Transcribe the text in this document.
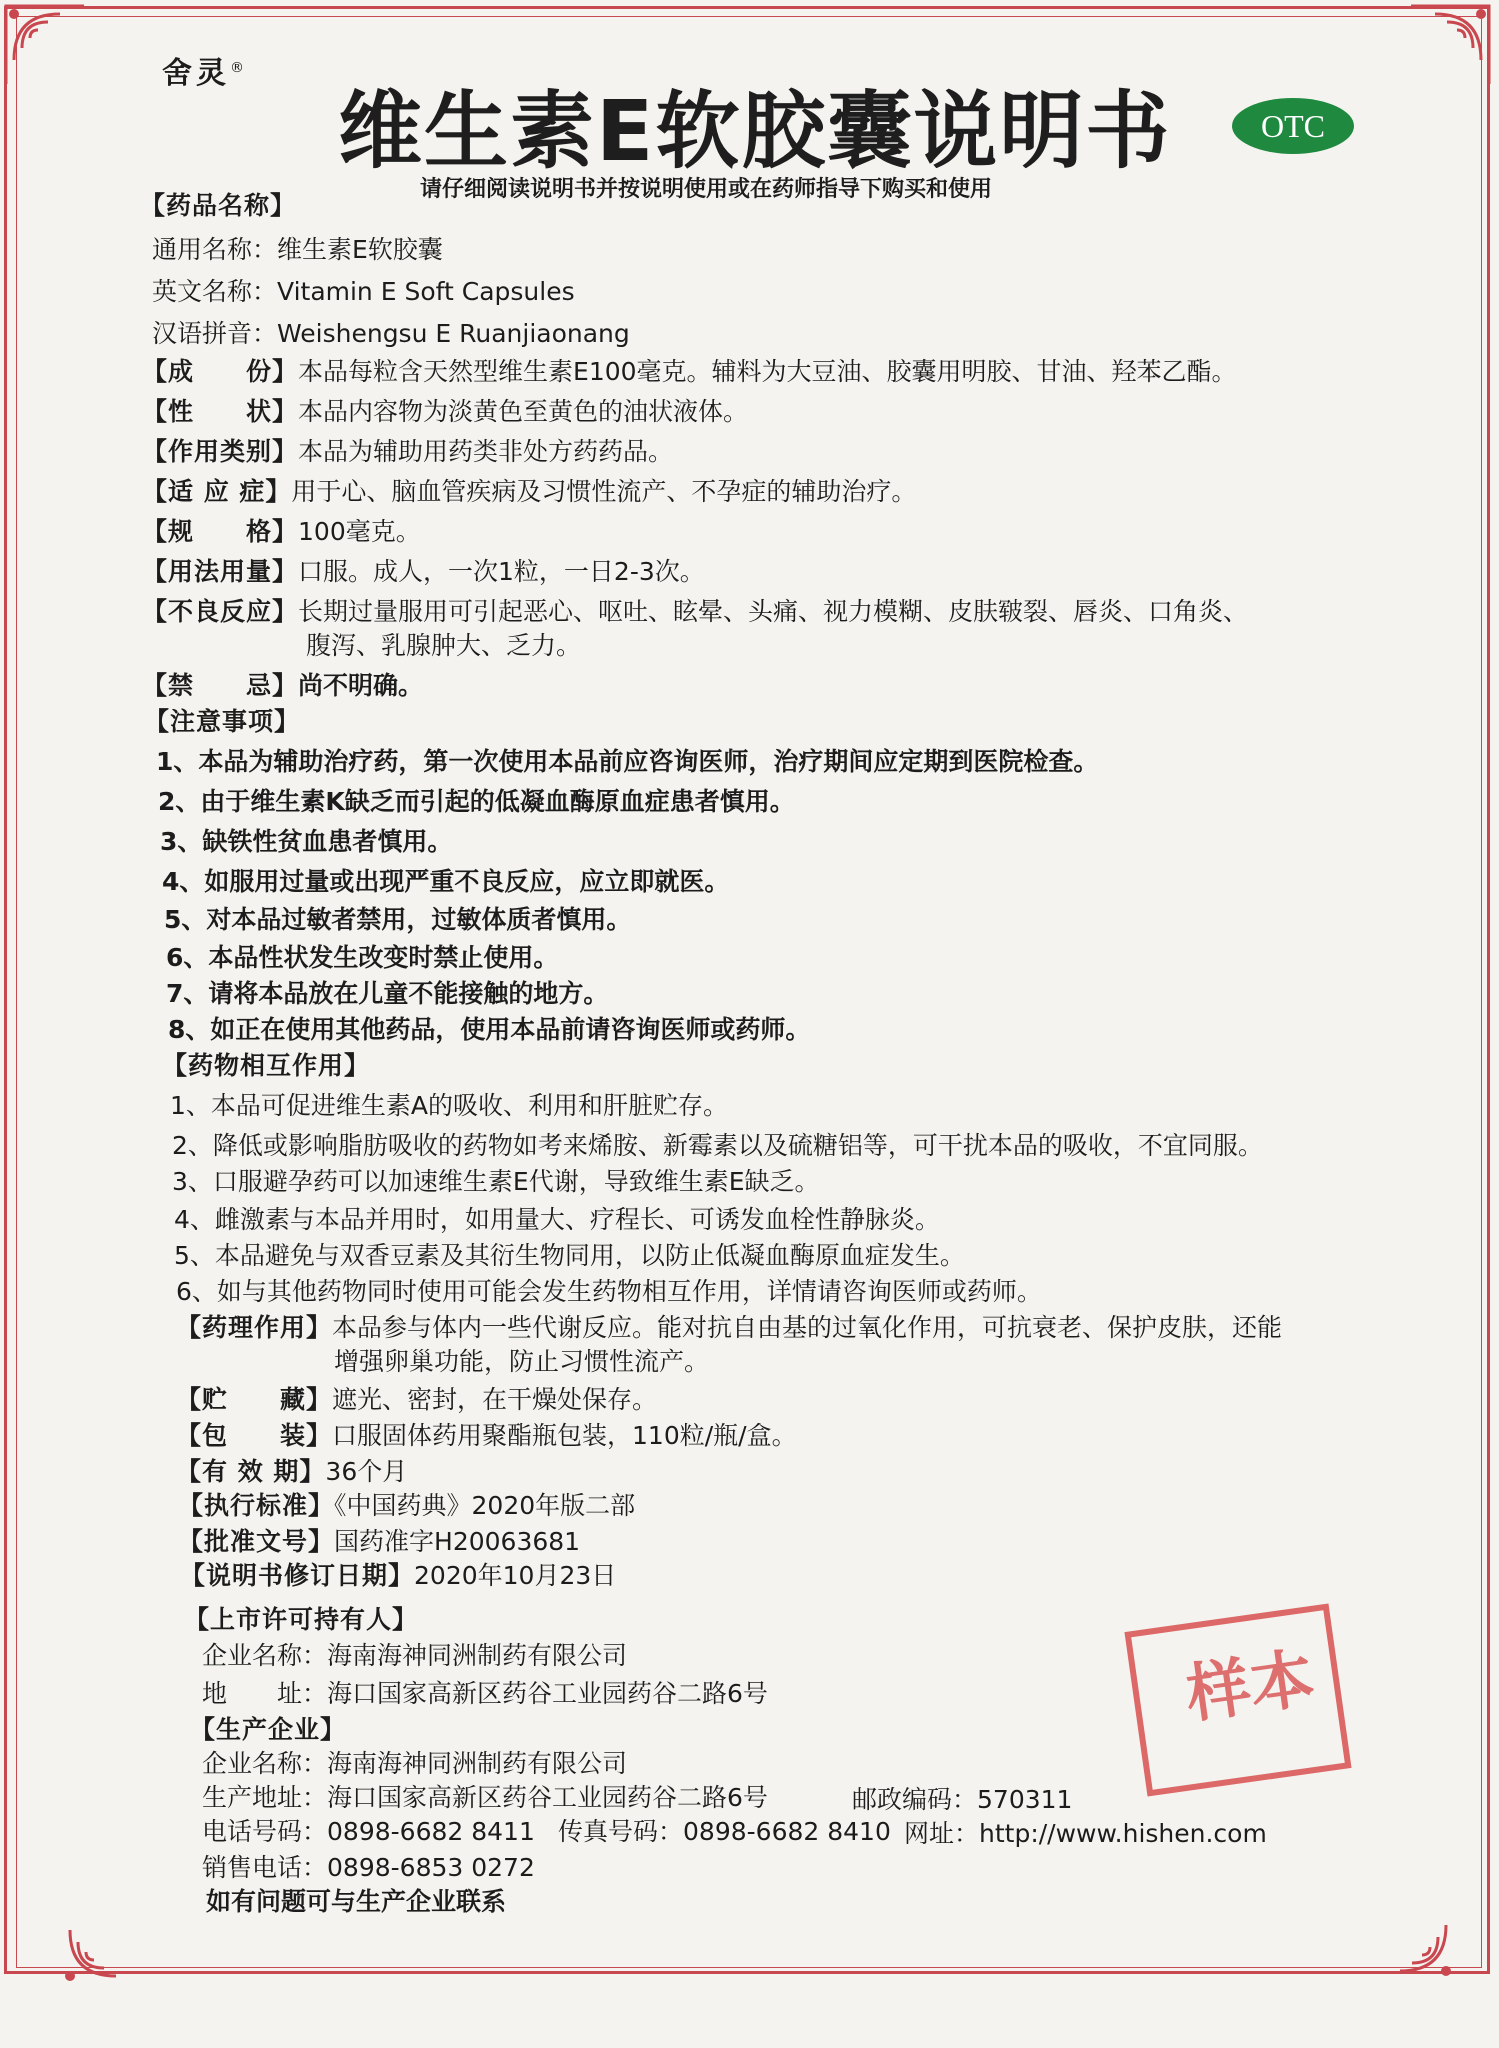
舍灵®
维生素E软胶囊说明书	OTC
请仔细阅读说明书并按说明使用或在药师指导下购买和使用
【药品名称】
通用名称：维生素E软胶囊
英文名称：Vitamin E Soft Capsules
汉语拼音：Weishengsu E Ruanjiaonang
【成　　份】本品每粒含天然型维生素E100毫克。辅料为大豆油、胶囊用明胶、甘油、羟苯乙酯。
【性　　状】本品内容物为淡黄色至黄色的油状液体。
【作用类别】本品为辅助用药类非处方药药品。
【适 应 症】用于心、脑血管疾病及习惯性流产、不孕症的辅助治疗。
【规　　格】100毫克。
【用法用量】口服。成人，一次1粒，一日2-3次。
【不良反应】长期过量服用可引起恶心、呕吐、眩晕、头痛、视力模糊、皮肤皲裂、唇炎、口角炎、
腹泻、乳腺肿大、乏力。
【禁　　忌】尚不明确。
【注意事项】
1、本品为辅助治疗药，第一次使用本品前应咨询医师，治疗期间应定期到医院检查。
2、由于维生素K缺乏而引起的低凝血酶原血症患者慎用。
3、缺铁性贫血患者慎用。
4、如服用过量或出现严重不良反应，应立即就医。
5、对本品过敏者禁用，过敏体质者慎用。
6、本品性状发生改变时禁止使用。
7、请将本品放在儿童不能接触的地方。
8、如正在使用其他药品，使用本品前请咨询医师或药师。
【药物相互作用】
1、本品可促进维生素A的吸收、利用和肝脏贮存。
2、降低或影响脂肪吸收的药物如考来烯胺、新霉素以及硫糖铝等，可干扰本品的吸收，不宜同服。
3、口服避孕药可以加速维生素E代谢，导致维生素E缺乏。
4、雌激素与本品并用时，如用量大、疗程长、可诱发血栓性静脉炎。
5、本品避免与双香豆素及其衍生物同用，以防止低凝血酶原血症发生。
6、如与其他药物同时使用可能会发生药物相互作用，详情请咨询医师或药师。
【药理作用】本品参与体内一些代谢反应。能对抗自由基的过氧化作用，可抗衰老、保护皮肤，还能
增强卵巢功能，防止习惯性流产。
【贮　　藏】遮光、密封，在干燥处保存。
【包　　装】口服固体药用聚酯瓶包装，110粒/瓶/盒。
【有 效 期】36个月
【执行标准】《中国药典》2020年版二部
【批准文号】国药准字H20063681
【说明书修订日期】2020年10月23日
【上市许可持有人】
企业名称：海南海神同洲制药有限公司
地　　址：海口国家高新区药谷工业园药谷二路6号
【生产企业】
企业名称：海南海神同洲制药有限公司
生产地址：海口国家高新区药谷工业园药谷二路6号	邮政编码：570311
电话号码：0898-6682 8411 传真号码：0898-6682 8410 网址：http://www.hishen.com
销售电话：0898-6853 0272
如有问题可与生产企业联系
样本
